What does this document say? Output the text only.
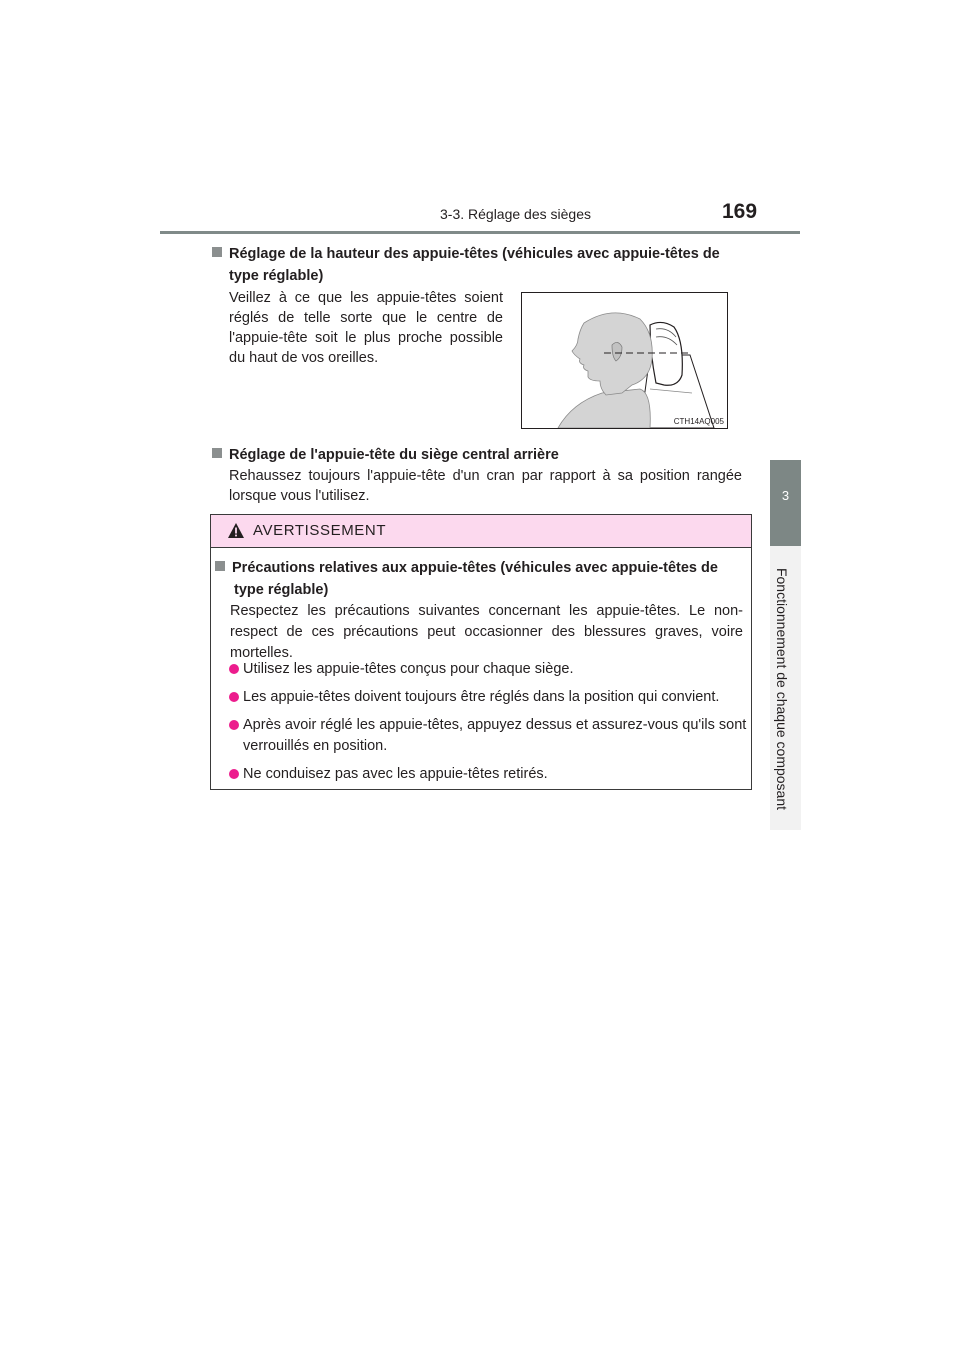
3-3. Réglage des sièges	169
3
Fonctionnement de chaque composant
Réglage de la hauteur des appuie-têtes (véhicules avec appuie-têtes de
type réglable)
Veillez à ce que les appuie-têtes soient réglés de telle sorte que le centre de l'appuie-tête soit le plus proche possible du haut de vos oreilles.
CTH14AQ005
Réglage de l'appuie-tête du siège central arrière
Rehaussez toujours l'appuie-tête d'un cran par rapport à sa position rangée lorsque vous l'utilisez.
AVERTISSEMENT
Précautions relatives aux appuie-têtes (véhicules avec appuie-têtes de
type réglable)
Respectez les précautions suivantes concernant les appuie-têtes. Le non-respect de ces précautions peut occasionner des blessures graves, voire mortelles.
Utilisez les appuie-têtes conçus pour chaque siège.
Les appuie-têtes doivent toujours être réglés dans la position qui convient.
Après avoir réglé les appuie-têtes, appuyez dessus et assurez-vous qu'ils sont verrouillés en position.
Ne conduisez pas avec les appuie-têtes retirés.
